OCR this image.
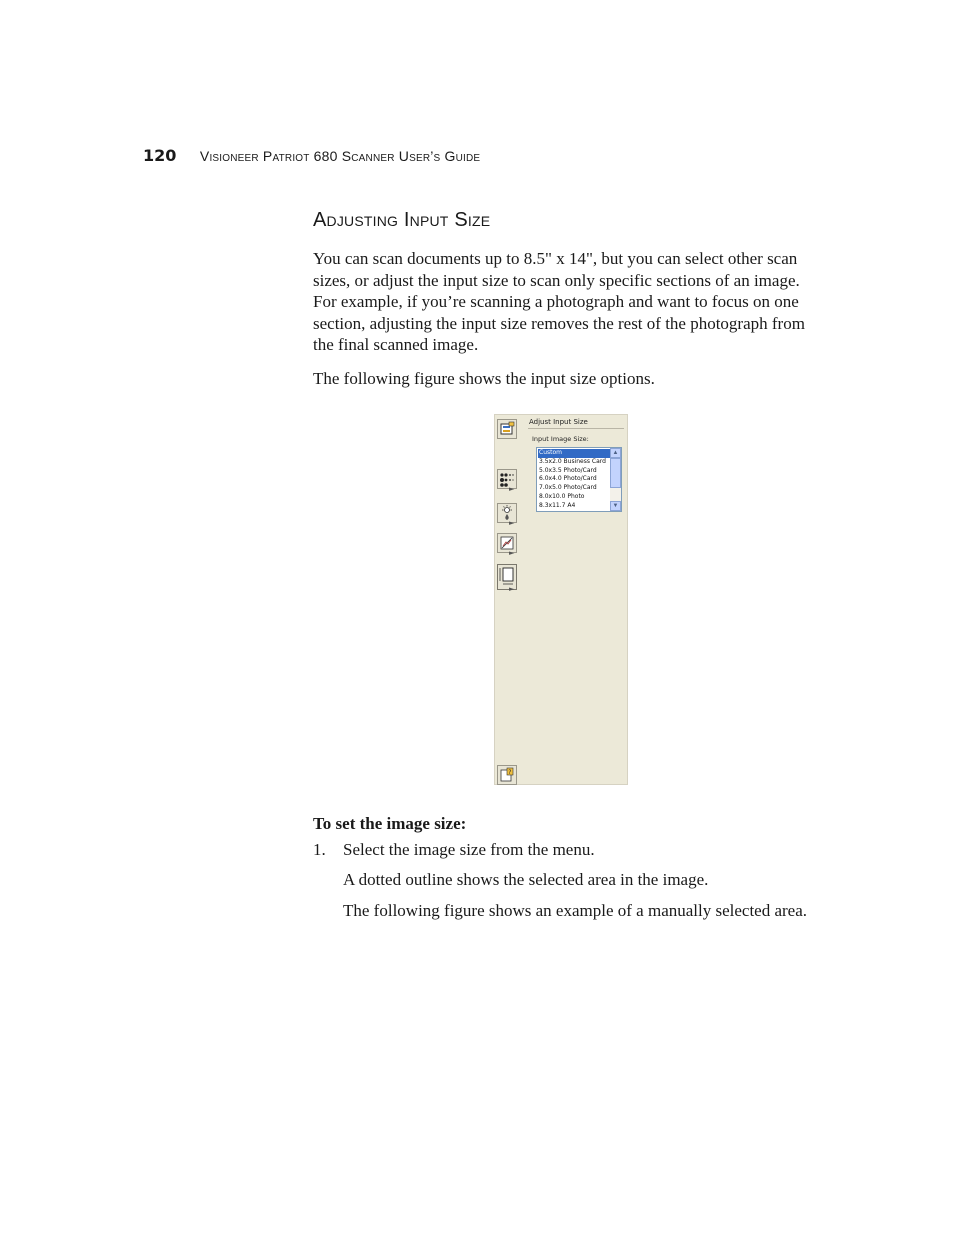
120 Visioneer Patriot 680 Scanner User’s Guide
Adjusting Input Size

You can scan documents up to 8.5" x 14", but you can select other scan sizes, or adjust the input size to scan only specific sections of an image. For example, if you’re scanning a photograph and want to focus on one section, adjusting the input size removes the rest of the photograph from the final scanned image.

The following figure shows the input size options.

►
►
►
►
?
Adjust Input Size
Input Image Size:
Custom
3.5x2.0 Business Card
5.0x3.5 Photo/Card
6.0x4.0 Photo/Card
7.0x5.0 Photo/Card
8.0x10.0 Photo
8.3x11.7 A4
▲
▼
To set the image size:
1. Select the image size from the menu.
A dotted outline shows the selected area in the image.
The following figure shows an example of a manually selected area.
